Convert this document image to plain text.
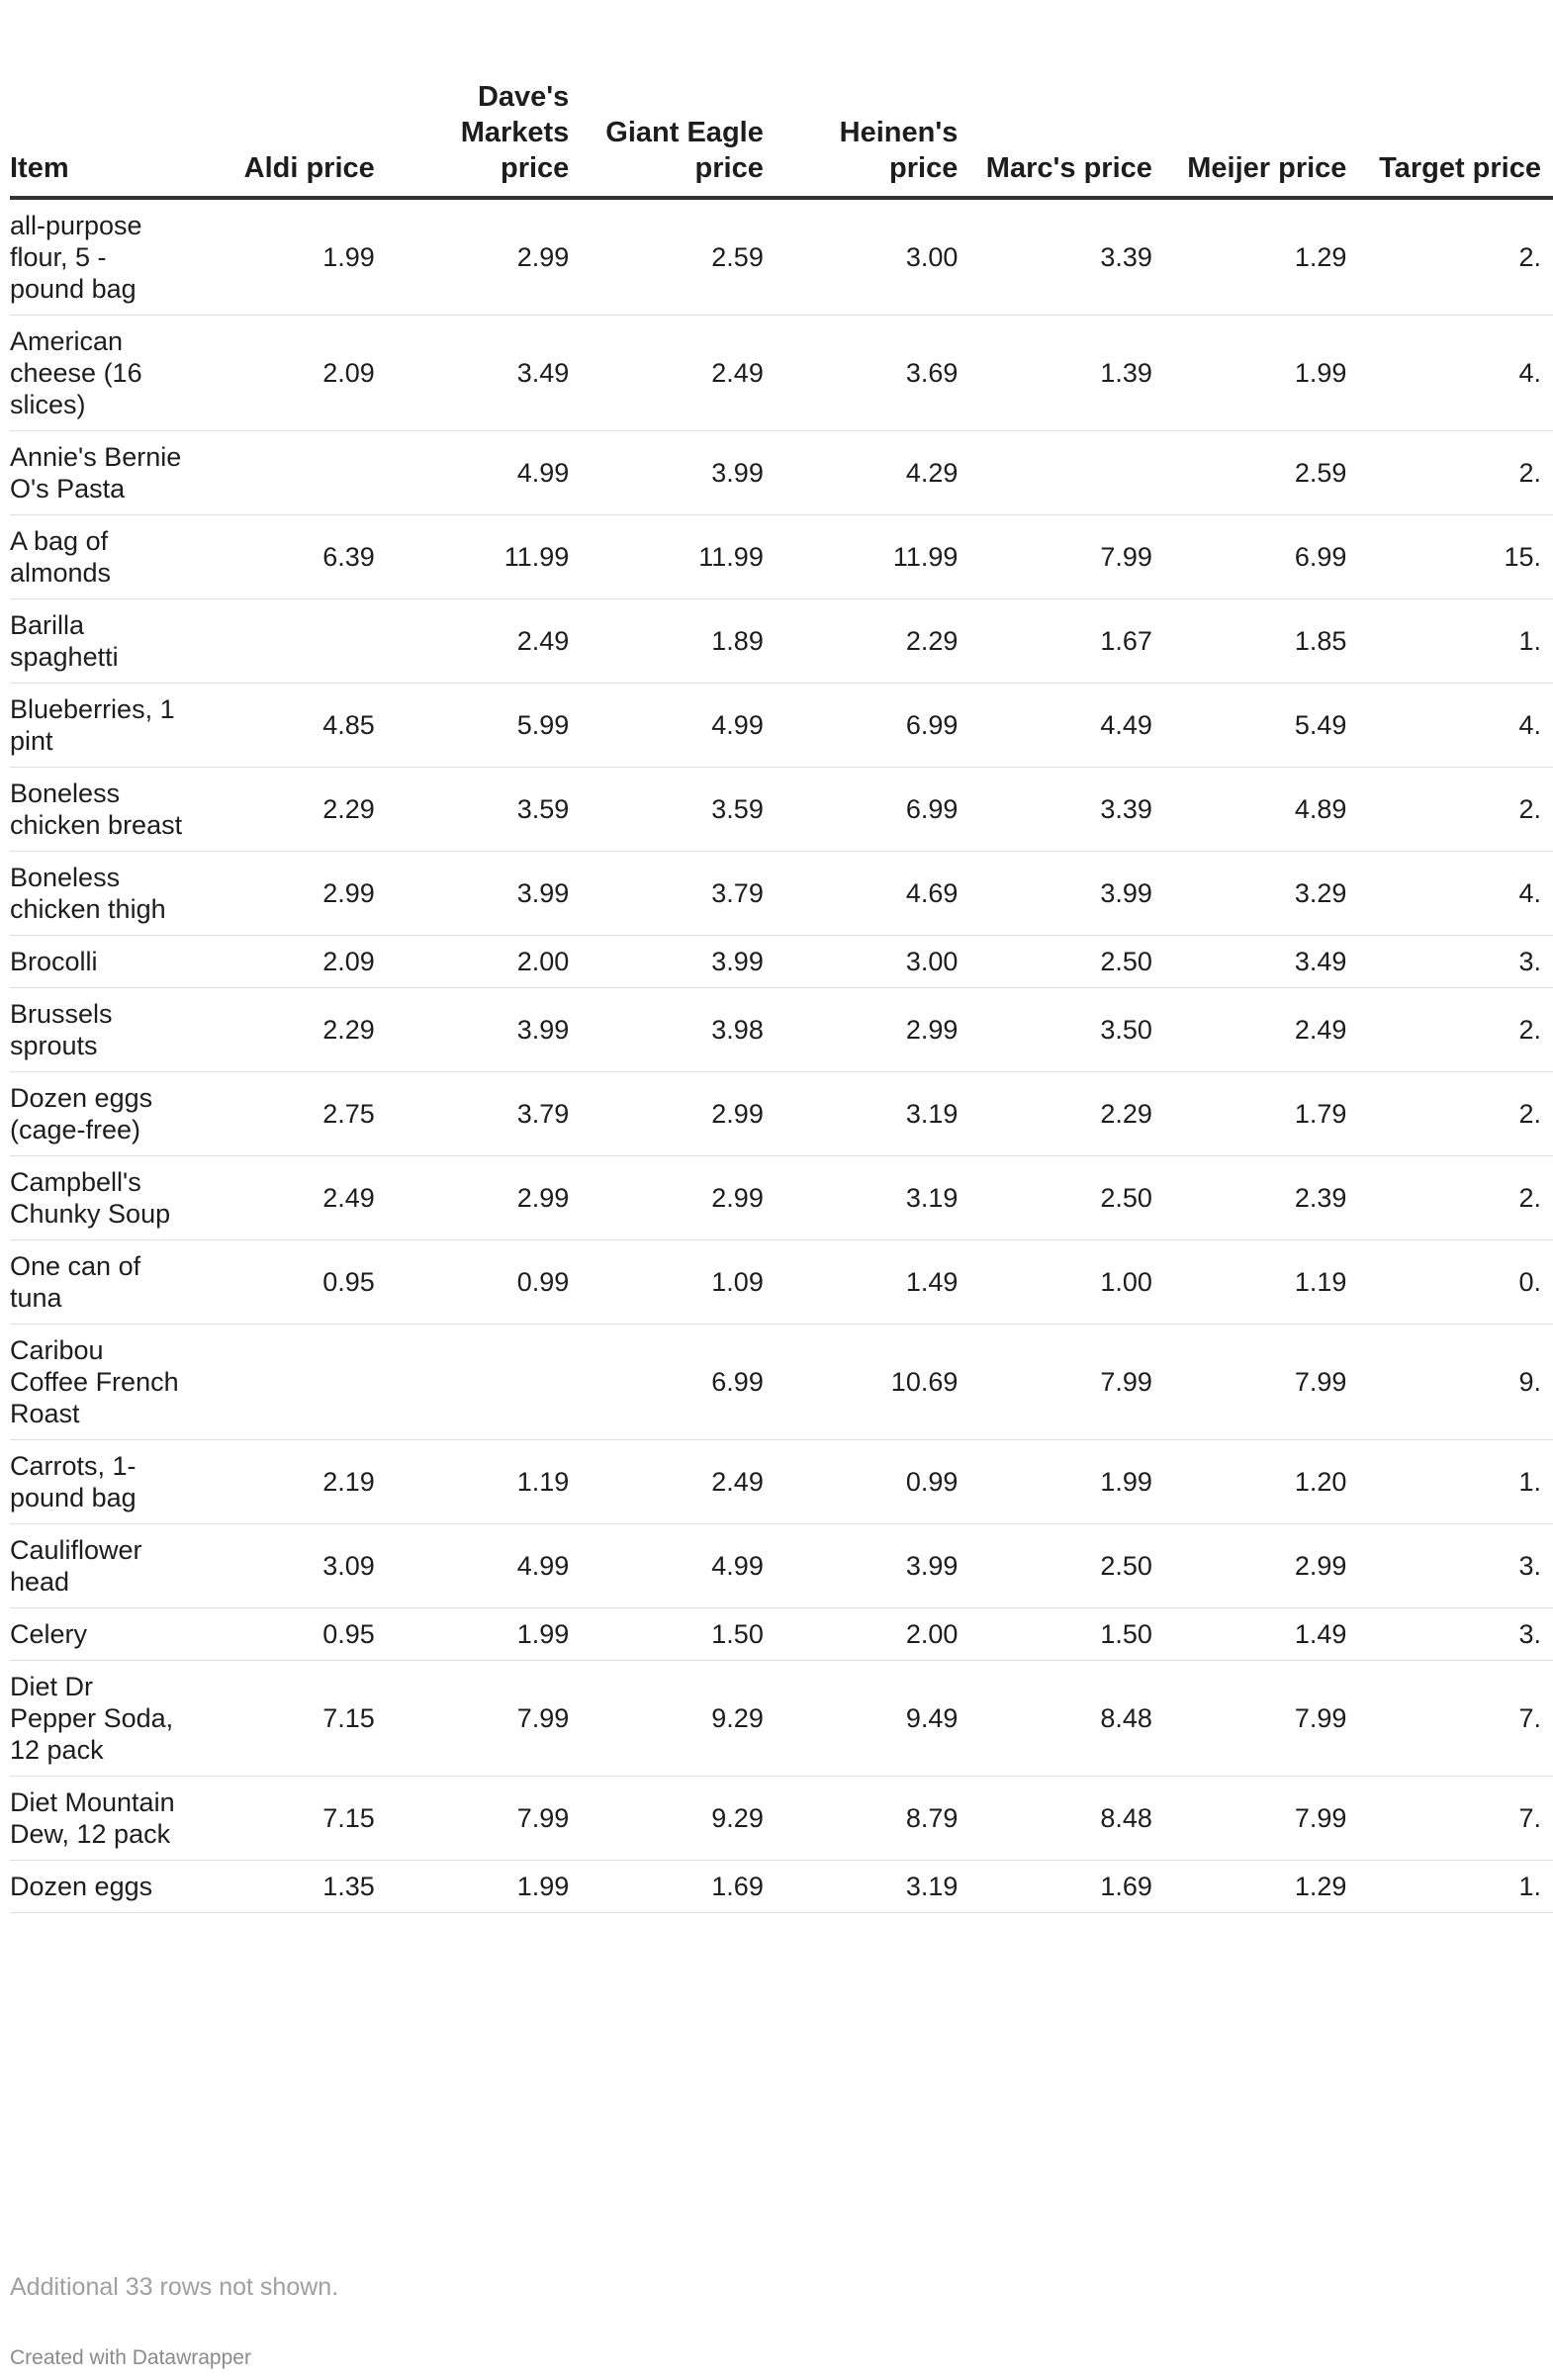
Item	Aldi price	Dave's Markets price	Giant Eagle price	Heinen's price	Marc's price	Meijer price	Target price
all-purpose flour, 5 - pound bag	1.99	2.99	2.59	3.00	3.39	1.29	2.
American cheese (16 slices)	2.09	3.49	2.49	3.69	1.39	1.99	4.
Annie's Bernie O's Pasta		4.99	3.99	4.29		2.59	2.
A bag of almonds	6.39	11.99	11.99	11.99	7.99	6.99	15.
Barilla spaghetti		2.49	1.89	2.29	1.67	1.85	1.
Blueberries, 1 pint	4.85	5.99	4.99	6.99	4.49	5.49	4.
Boneless chicken breast	2.29	3.59	3.59	6.99	3.39	4.89	2.
Boneless chicken thigh	2.99	3.99	3.79	4.69	3.99	3.29	4.
Brocolli	2.09	2.00	3.99	3.00	2.50	3.49	3.
Brussels sprouts	2.29	3.99	3.98	2.99	3.50	2.49	2.
Dozen eggs (cage-free)	2.75	3.79	2.99	3.19	2.29	1.79	2.
Campbell's Chunky Soup	2.49	2.99	2.99	3.19	2.50	2.39	2.
One can of tuna	0.95	0.99	1.09	1.49	1.00	1.19	0.
Caribou Coffee French Roast			6.99	10.69	7.99	7.99	9.
Carrots, 1-pound bag	2.19	1.19	2.49	0.99	1.99	1.20	1.
Cauliflower head	3.09	4.99	4.99	3.99	2.50	2.99	3.
Celery	0.95	1.99	1.50	2.00	1.50	1.49	3.
Diet Dr Pepper Soda, 12 pack	7.15	7.99	9.29	9.49	8.48	7.99	7.
Diet Mountain Dew, 12 pack	7.15	7.99	9.29	8.79	8.48	7.99	7.
Dozen eggs	1.35	1.99	1.69	3.19	1.69	1.29	1.
Additional 33 rows not shown.
Created with Datawrapper
